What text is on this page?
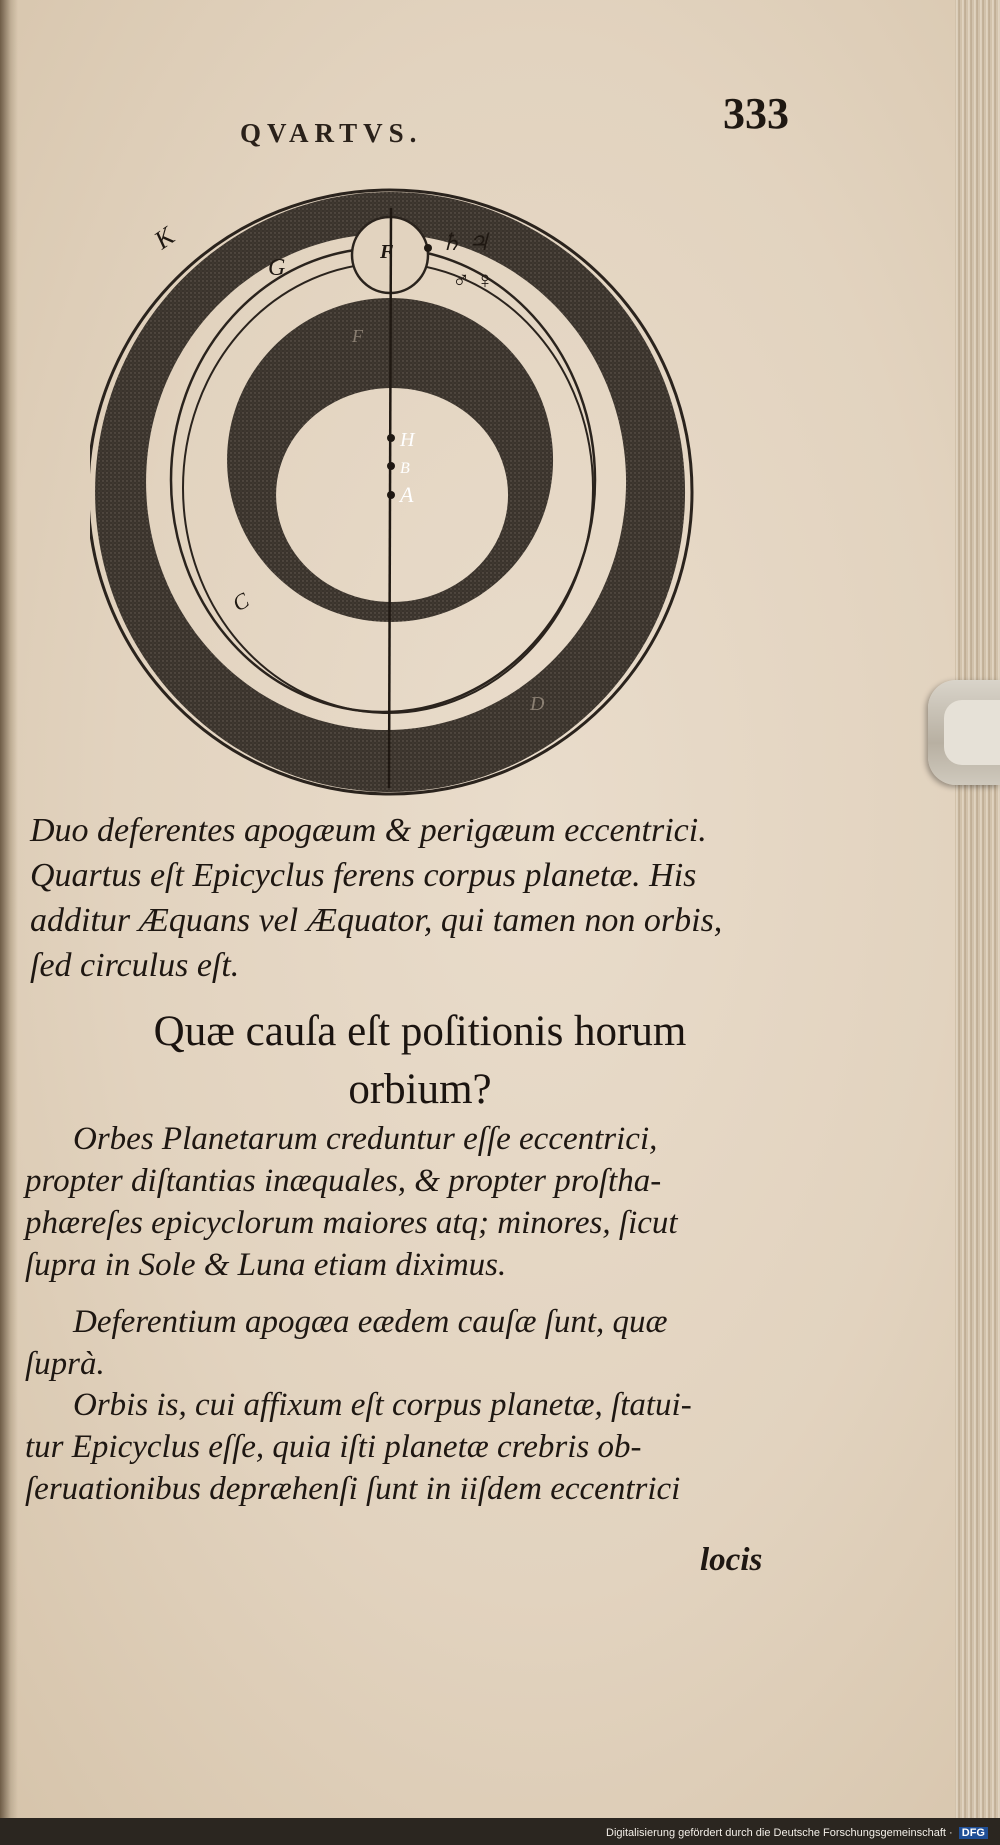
QVARTVS.	333
K
G
F ♄ ♃
♂ ♀
F
H
B
A
C
D
Duo deferentes apogæum & perigæum eccentrici.
Quartus eſt Epicyclus ferens corpus planetæ. His
additur Æquans vel Æquator, qui tamen non orbis,
ſed circulus eſt.
Quæ cauſa eſt poſitionis horum
orbium?
Orbes Planetarum creduntur eſſe eccentrici,
propter diſtantias inæquales, & propter proſtha-
phæreſes epicyclorum maiores atq; minores, ſicut
ſupra in Sole & Luna etiam diximus.
Deferentium apogæa eædem cauſæ ſunt, quæ
ſuprà.
Orbis is, cui affixum eſt corpus planetæ, ſtatui-
tur Epicyclus eſſe, quia iſti planetæ crebris ob-
ſeruationibus depræhenſi ſunt in iiſdem eccentrici
locis
Digitalisierung gefördert durch die Deutsche Forschungsgemeinschaft · DFG
